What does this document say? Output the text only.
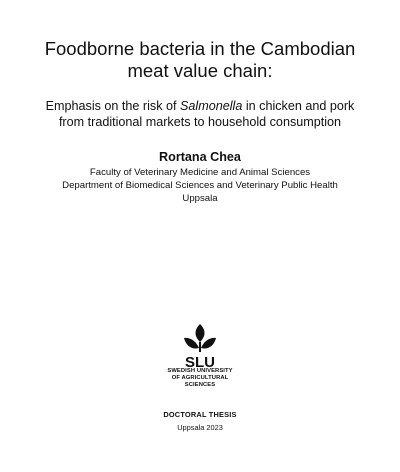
Foodborne bacteria in the Cambodian
meat value chain:
Emphasis on the risk of Salmonella in chicken and pork
from traditional markets to household consumption
Rortana Chea
Faculty of Veterinary Medicine and Animal Sciences
Department of Biomedical Sciences and Veterinary Public Health
Uppsala
SLU
SWEDISH UNIVERSITY
OF AGRICULTURAL
SCIENCES
DOCTORAL THESIS
Uppsala 2023
